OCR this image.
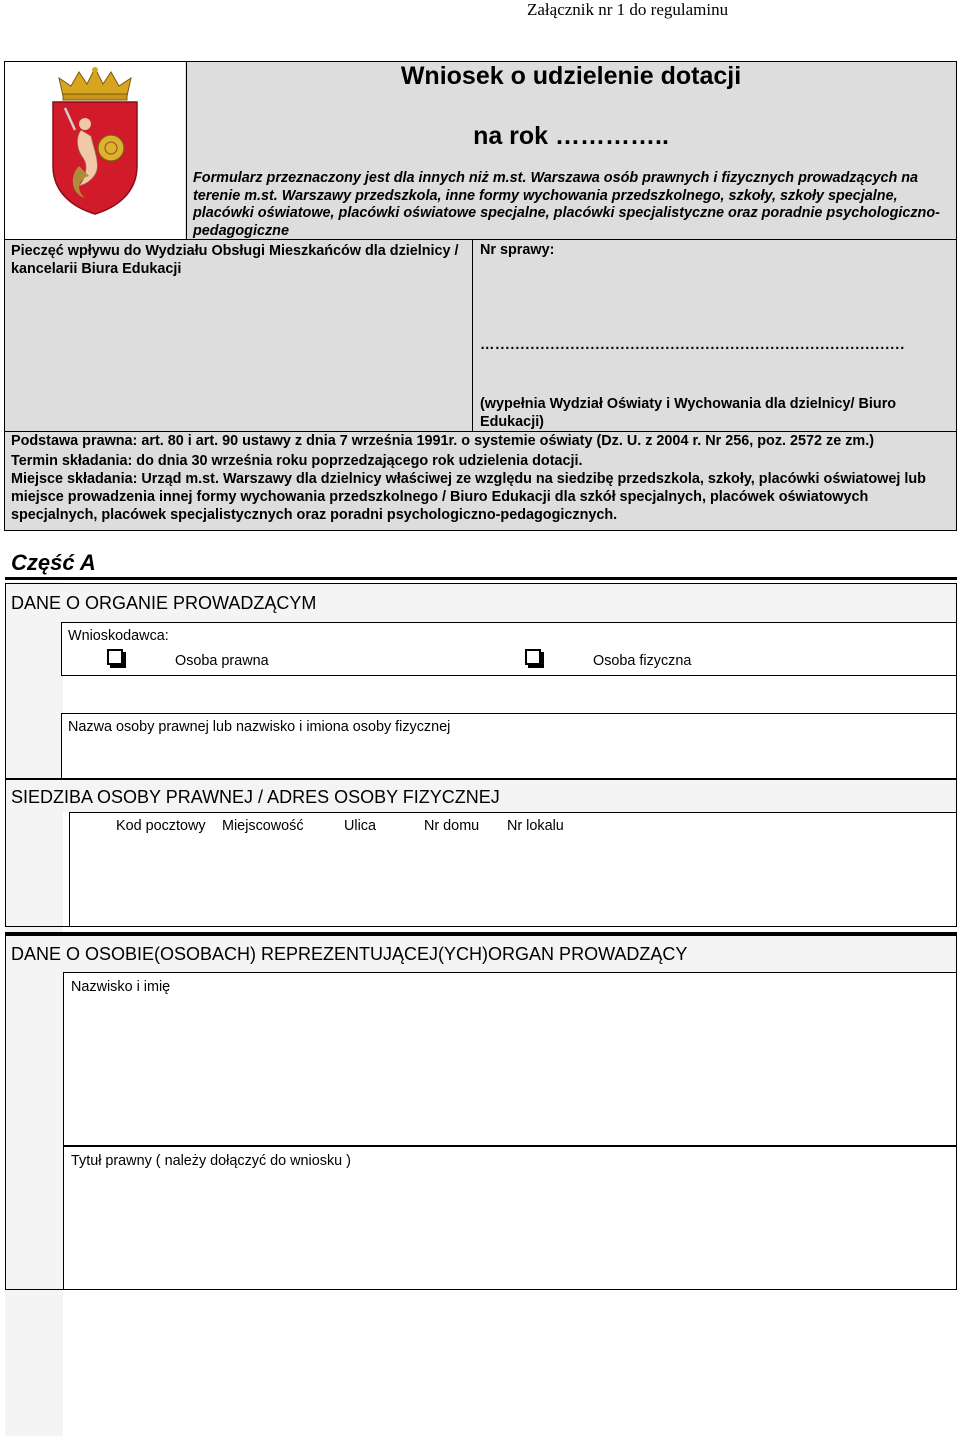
Załącznik nr 1 do regulaminu
Wniosek o udzielenie dotacji
na rok …………..
Formularz przeznaczony jest dla innych niż m.st. Warszawa osób prawnych i fizycznych prowadzących na terenie m.st. Warszawy przedszkola, inne formy wychowania przedszkolnego, szkoły, szkoły specjalne, placówki oświatowe, placówki oświatowe specjalne, placówki specjalistyczne oraz poradnie psychologiczno-pedagogiczne
Pieczęć wpływu do Wydziału Obsługi Mieszkańców dla dzielnicy / kancelarii Biura Edukacji
Nr sprawy:
…..................................................................................
(wypełnia Wydział Oświaty i Wychowania dla dzielnicy/ Biuro Edukacji)
Podstawa prawna: art. 80 i art. 90 ustawy z dnia 7 września 1991r. o systemie oświaty (Dz. U. z 2004 r. Nr 256, poz. 2572 ze zm.)
Termin składania: do dnia 30 września roku poprzedzającego rok udzielenia dotacji.
Miejsce składania: Urząd m.st. Warszawy dla dzielnicy właściwej ze względu na siedzibę przedszkola, szkoły, placówki oświatowej lub miejsce prowadzenia innej formy wychowania przedszkolnego / Biuro Edukacji dla szkół specjalnych, placówek oświatowych specjalnych, placówek specjalistycznych oraz poradni psychologiczno-pedagogicznych.
Część A
DANE O ORGANIE PROWADZĄCYM
Wnioskodawca:
Osoba prawna	Osoba fizyczna
Nazwa osoby prawnej lub nazwisko i imiona osoby fizycznej
SIEDZIBA OSOBY PRAWNEJ / ADRES OSOBY FIZYCZNEJ
Kod pocztowy Miejscowość	Ulica	Nr domu Nr lokalu
DANE O OSOBIE(OSOBACH) REPREZENTUJĄCEJ(YCH)ORGAN PROWADZĄCY
Nazwisko i imię
Tytuł prawny ( należy dołączyć do wniosku )
